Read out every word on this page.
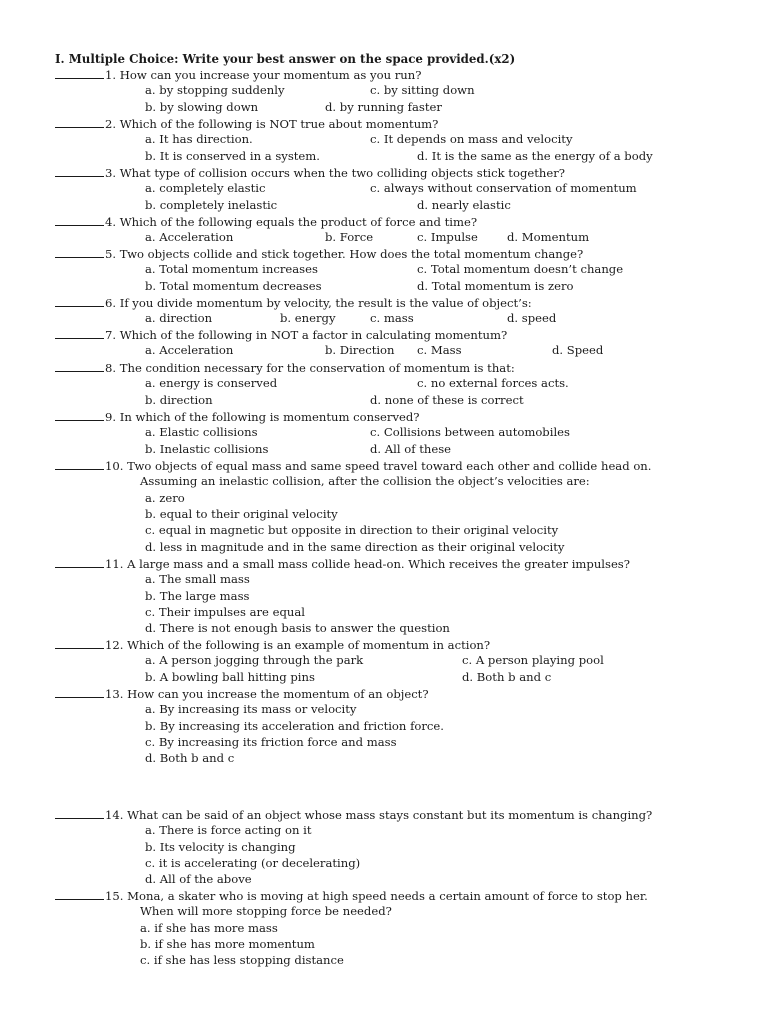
I. Multiple Choice: Write your best answer on the space provided.(x2)
1. How can you increase your momentum as you run?
a. by stopping suddenly	c. by sitting down
b. by slowing down	d. by running faster
2. Which of the following is NOT true about momentum?
a. It has direction.	c. It depends on mass and velocity
b. It is conserved in a system.	d. It is the same as the energy of a body
3. What type of collision occurs when the two colliding objects stick together?
a. completely elastic	c. always without conservation of momentum
b. completely inelastic	d. nearly elastic
4. Which of the following equals the product of force and time?
a. Acceleration	b. Force	c. Impulse	d. Momentum
5. Two objects collide and stick together. How does the total momentum change?
a. Total momentum increases	c. Total momentum doesn’t change
b. Total momentum decreases	d. Total momentum is zero
6. If you divide momentum by velocity, the result is the value of object’s:
a. direction	b. energy	c. mass	d. speed
7. Which of the following in NOT a factor in calculating momentum?
a. Acceleration	b. Direction c. Mass	d. Speed
8. The condition necessary for the conservation of momentum is that:
a. energy is conserved	c. no external forces acts.
b. direction	d. none of these is correct
9. In which of the following is momentum conserved?
a. Elastic collisions	c. Collisions between automobiles
b. Inelastic collisions	d. All of these
10. Two objects of equal mass and same speed travel toward each other and collide head on.
Assuming an inelastic collision, after the collision the object’s velocities are:
a. zero
b. equal to their original velocity
c. equal in magnetic but opposite in direction to their original velocity
d. less in magnitude and in the same direction as their original velocity
11. A large mass and a small mass collide head-on. Which receives the greater impulses?
a. The small mass
b. The large mass
c. Their impulses are equal
d. There is not enough basis to answer the question
12. Which of the following is an example of momentum in action?
a. A person jogging through the park	c. A person playing pool
b. A bowling ball hitting pins	d. Both b and c
13. How can you increase the momentum of an object?
a. By increasing its mass or velocity
b. By increasing its acceleration and friction force.
c. By increasing its friction force and mass
d. Both b and c
14. What can be said of an object whose mass stays constant but its momentum is changing?
a. There is force acting on it
b. Its velocity is changing
c. it is accelerating (or decelerating)
d. All of the above
15. Mona, a skater who is moving at high speed needs a certain amount of force to stop her.
When will more stopping force be needed?
a. if she has more mass
b. if she has more momentum
c. if she has less stopping distance
